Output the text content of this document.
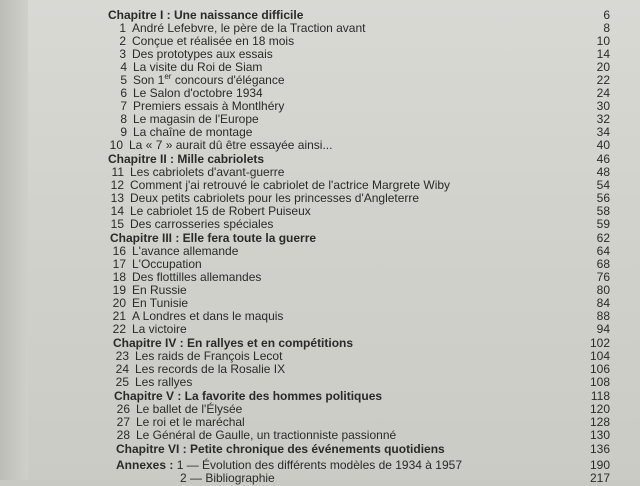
Chapitre I : Une naissance difficile	6
1 André Lefebvre, le père de la Traction avant	8
2 Conçue et réalisée en 18 mois	10
3 Des prototypes aux essais	14
4 La visite du Roi de Siam	20
5 Son 1er concours d'élégance	22
6 Le Salon d'octobre 1934	24
7 Premiers essais à Montlhéry	30
8 Le magasin de l'Europe	32
9 La chaîne de montage	34
10 La « 7 » aurait dû être essayée ainsi...	40
Chapitre II : Mille cabriolets	46
11 Les cabriolets d'avant-guerre	48
12 Comment j'ai retrouvé le cabriolet de l'actrice Margrete Wiby	54
13 Deux petits cabriolets pour les princesses d'Angleterre	56
14 Le cabriolet 15 de Robert Puiseux	58
15 Des carrosseries spéciales	59
Chapitre III : Elle fera toute la guerre	62
16 L'avance allemande	64
17 L'Occupation	68
18 Des flottilles allemandes	76
19 En Russie	80
20 En Tunisie	84
21 A Londres et dans le maquis	88
22 La victoire	94
Chapitre IV : En rallyes et en compétitions	102
23 Les raids de François Lecot	104
24 Les records de la Rosalie IX	106
25 Les rallyes	108
Chapitre V : La favorite des hommes politiques	118
26 Le ballet de l'Élysée	120
27 Le roi et le maréchal	128
28 Le Général de Gaulle, un tractionniste passionné	130
Chapitre VI : Petite chronique des événements quotidiens	136
Annexes : 1 — Évolution des différents modèles de 1934 à 1957	190
2 — Bibliographie	217
